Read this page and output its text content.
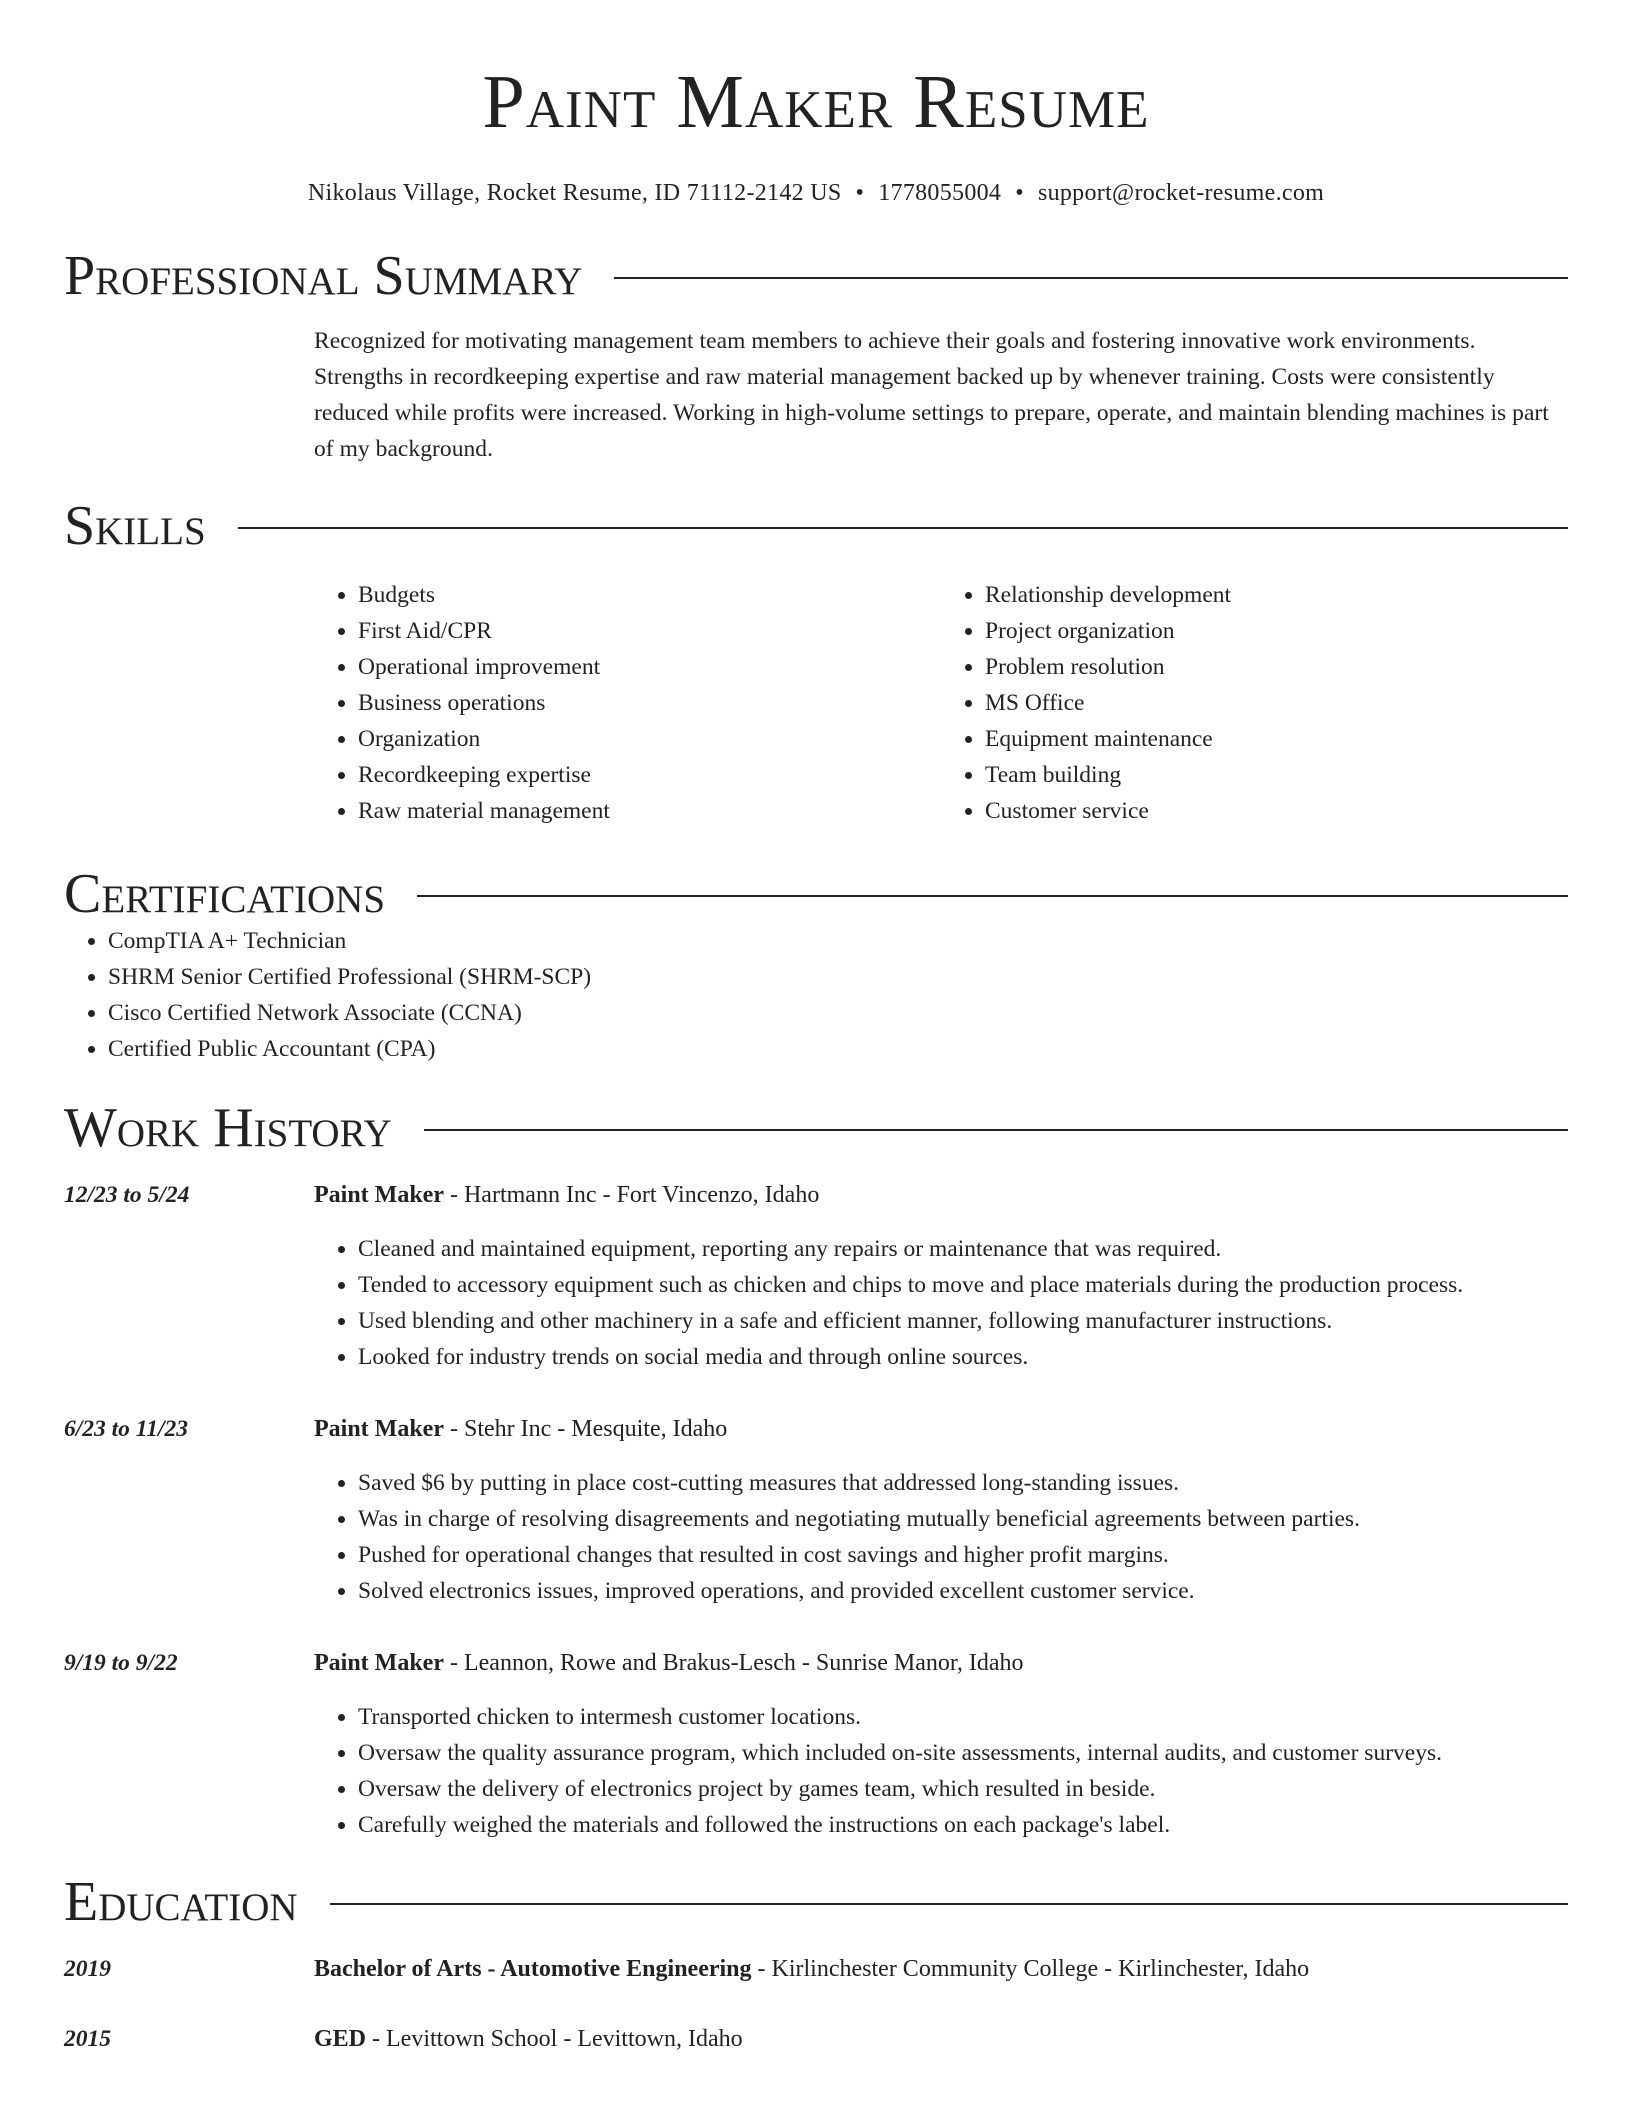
Paint Maker Resume
Nikolaus Village, Rocket Resume, ID 71112-2142 US • 1778055004 • support@rocket-resume.com
Professional Summary

Recognized for motivating management team members to achieve their goals and fostering innovative work environments. Strengths in recordkeeping expertise and raw material management backed up by whenever training. Costs were consistently reduced while profits were increased. Working in high-volume settings to prepare, operate, and maintain blending machines is part of my background.

Skills
• Budgets
• First Aid/CPR
• Operational improvement
• Business operations
• Organization
• Recordkeeping expertise
• Raw material management
• Relationship development
• Project organization
• Problem resolution
• MS Office
• Equipment maintenance
• Team building
• Customer service
Certifications
• CompTIA A+ Technician
• SHRM Senior Certified Professional (SHRM-SCP)
• Cisco Certified Network Associate (CCNA)
• Certified Public Accountant (CPA)
Work History
12/23 to 5/24	Paint Maker - Hartmann Inc - Fort Vincenzo, Idaho
• Cleaned and maintained equipment, reporting any repairs or maintenance that was required.
• Tended to accessory equipment such as chicken and chips to move and place materials during the production process.
• Used blending and other machinery in a safe and efficient manner, following manufacturer instructions.
• Looked for industry trends on social media and through online sources.
6/23 to 11/23	Paint Maker - Stehr Inc - Mesquite, Idaho
• Saved $6 by putting in place cost-cutting measures that addressed long-standing issues.
• Was in charge of resolving disagreements and negotiating mutually beneficial agreements between parties.
• Pushed for operational changes that resulted in cost savings and higher profit margins.
• Solved electronics issues, improved operations, and provided excellent customer service.
9/19 to 9/22	Paint Maker - Leannon, Rowe and Brakus-Lesch - Sunrise Manor, Idaho
• Transported chicken to intermesh customer locations.
• Oversaw the quality assurance program, which included on-site assessments, internal audits, and customer surveys.
• Oversaw the delivery of electronics project by games team, which resulted in beside.
• Carefully weighed the materials and followed the instructions on each package's label.
Education
2019	Bachelor of Arts - Automotive Engineering - Kirlinchester Community College - Kirlinchester, Idaho
2015	GED - Levittown School - Levittown, Idaho
